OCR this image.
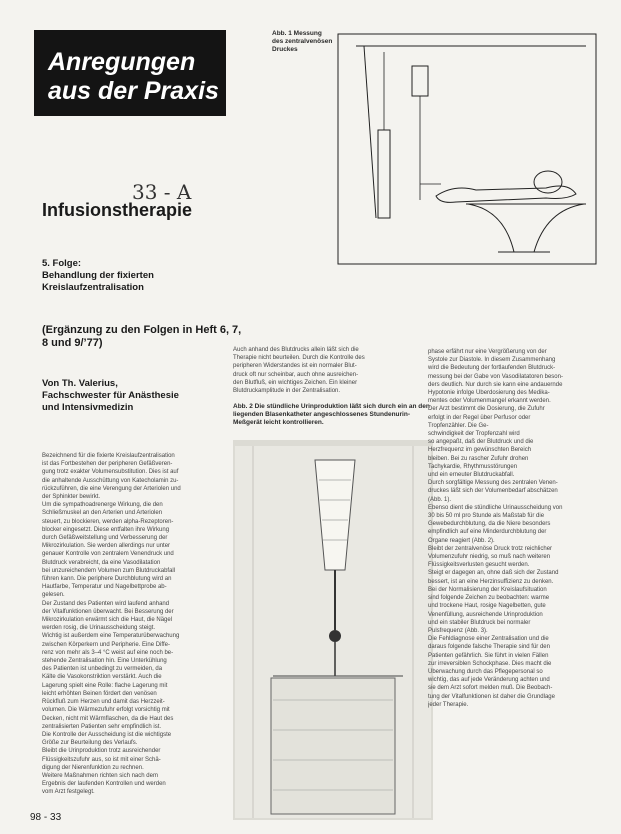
Anregungen
aus der Praxis
33 - A
Infusionstherapie
5. Folge:
Behandlung der fixierten
Kreislaufzentralisation
(Ergänzung zu den Folgen in Heft 6, 7, 8 und 9/’77)
Von Th. Valerius,
Fachschwester für Anästhesie
und Intensivmedizin
Abb. 1 Messung des zentralvenösen Druckes
Abb. 2 Die stündliche Urinproduktion läßt sich durch ein an den liegenden Blasenkatheter angeschlossenes Stundenurin-Meßgerät leicht kontrollieren.
Bezeichnend für die fixierte Kreislaufzentralisation
ist das Fortbestehen der peripheren Gefäßveren-
gung trotz exakter Volumensubstitution. Dies ist auf
die anhaltende Ausschüttung von Katecholamin zu-
rückzuführen, die eine Verengung der Arteriolen und
der Sphinkter bewirkt.
Um die sympathoadrenerge Wirkung, die den
Schließmuskel an den Arterien und Arteriolen
steuert, zu blockieren, werden alpha-Rezeptoren-
blocker eingesetzt. Diese entfalten ihre Wirkung
durch Gefäßweitstellung und Verbesserung der
Mikrozirkulation. Sie werden allerdings nur unter
genauer Kontrolle von zentralem Venendruck und
Blutdruck verabreicht, da eine Vasodilatation
bei unzureichendem Volumen zum Blutdruckabfall
führen kann. Die periphere Durchblutung wird an
Hautfarbe, Temperatur und Nagelbettprobe ab-
gelesen.
Der Zustand des Patienten wird laufend anhand
der Vitalfunktionen überwacht. Bei Besserung der
Mikrozirkulation erwärmt sich die Haut, die Nägel
werden rosig, die Urinausscheidung steigt.
Wichtig ist außerdem eine Temperaturüberwachung
zwischen Körperkern und Peripherie. Eine Diffe-
renz von mehr als 3–4 °C weist auf eine noch be-
stehende Zentralisation hin. Eine Unterkühlung
des Patienten ist unbedingt zu vermeiden, da
Kälte die Vasokonstriktion verstärkt. Auch die
Lagerung spielt eine Rolle: flache Lagerung mit
leicht erhöhten Beinen fördert den venösen
Rückfluß zum Herzen und damit das Herzzeit-
volumen. Die Wärmezufuhr erfolgt vorsichtig mit
Decken, nicht mit Wärmflaschen, da die Haut des
zentralisierten Patienten sehr empfindlich ist.
Die Kontrolle der Ausscheidung ist die wichtigste
Größe zur Beurteilung des Verlaufs.
Bleibt die Urinproduktion trotz ausreichender
Flüssigkeitszufuhr aus, so ist mit einer Schä-
digung der Nierenfunktion zu rechnen.
Weitere Maßnahmen richten sich nach dem
Ergebnis der laufenden Kontrollen und werden
vom Arzt festgelegt.
Auch anhand des Blutdrucks allein läßt sich die
Therapie nicht beurteilen. Durch die Kontrolle des
peripheren Widerstandes ist ein normaler Blut-
druck oft nur scheinbar, auch ohne ausreichen-
den Blutfluß, ein wichtiges Zeichen. Ein kleiner
Blutdruckamplitude in der Zentralisation.
phase erfährt nur eine Vergrößerung von der
Systole zur Diastole. In diesem Zusammenhang
wird die Bedeutung der fortlaufenden Blutdruck-
messung bei der Gabe von Vasodilatatoren beson-
ders deutlich. Nur durch sie kann eine andauernde
Hypotonie infolge Überdosierung des Medika-
mentes oder Volumenmangel erkannt werden.
Der Arzt bestimmt die Dosierung, die Zufuhr
erfolgt in der Regel über Perfusor oder
Tropfenzähler. Die Ge-
schwindigkeit der Tropfenzahl wird
so angepaßt, daß der Blutdruck und die
Herzfrequenz im gewünschten Bereich
bleiben. Bei zu rascher Zufuhr drohen
Tachykardie, Rhythmusstörungen
und ein erneuter Blutdruckabfall.
Durch sorgfältige Messung des zentralen Venen-
druckes läßt sich der Volumenbedarf abschätzen
(Abb. 1).
Ebenso dient die stündliche Urinausscheidung von
30 bis 50 ml pro Stunde als Maßstab für die
Gewebedurchblutung, da die Niere besonders
empfindlich auf eine Minderdurchblutung der
Organe reagiert (Abb. 2).
Bleibt der zentralvenöse Druck trotz reichlicher
Volumenzufuhr niedrig, so muß nach weiteren
Flüssigkeitsverlusten gesucht werden.
Steigt er dagegen an, ohne daß sich der Zustand
bessert, ist an eine Herzinsuffizienz zu denken.
Bei der Normalisierung der Kreislaufsituation
sind folgende Zeichen zu beobachten: warme
und trockene Haut, rosige Nagelbetten, gute
Venenfüllung, ausreichende Urinproduktion
und ein stabiler Blutdruck bei normaler
Pulsfrequenz (Abb. 3).
Die Fehldiagnose einer Zentralisation und die
daraus folgende falsche Therapie sind für den
Patienten gefährlich. Sie führt in vielen Fällen
zur irreversiblen Schockphase. Dies macht die
Überwachung durch das Pflegepersonal so
wichtig, das auf jede Veränderung achten und
sie dem Arzt sofort melden muß. Die Beobach-
tung der Vitalfunktionen ist daher die Grundlage
jeder Therapie.
98 - 33
